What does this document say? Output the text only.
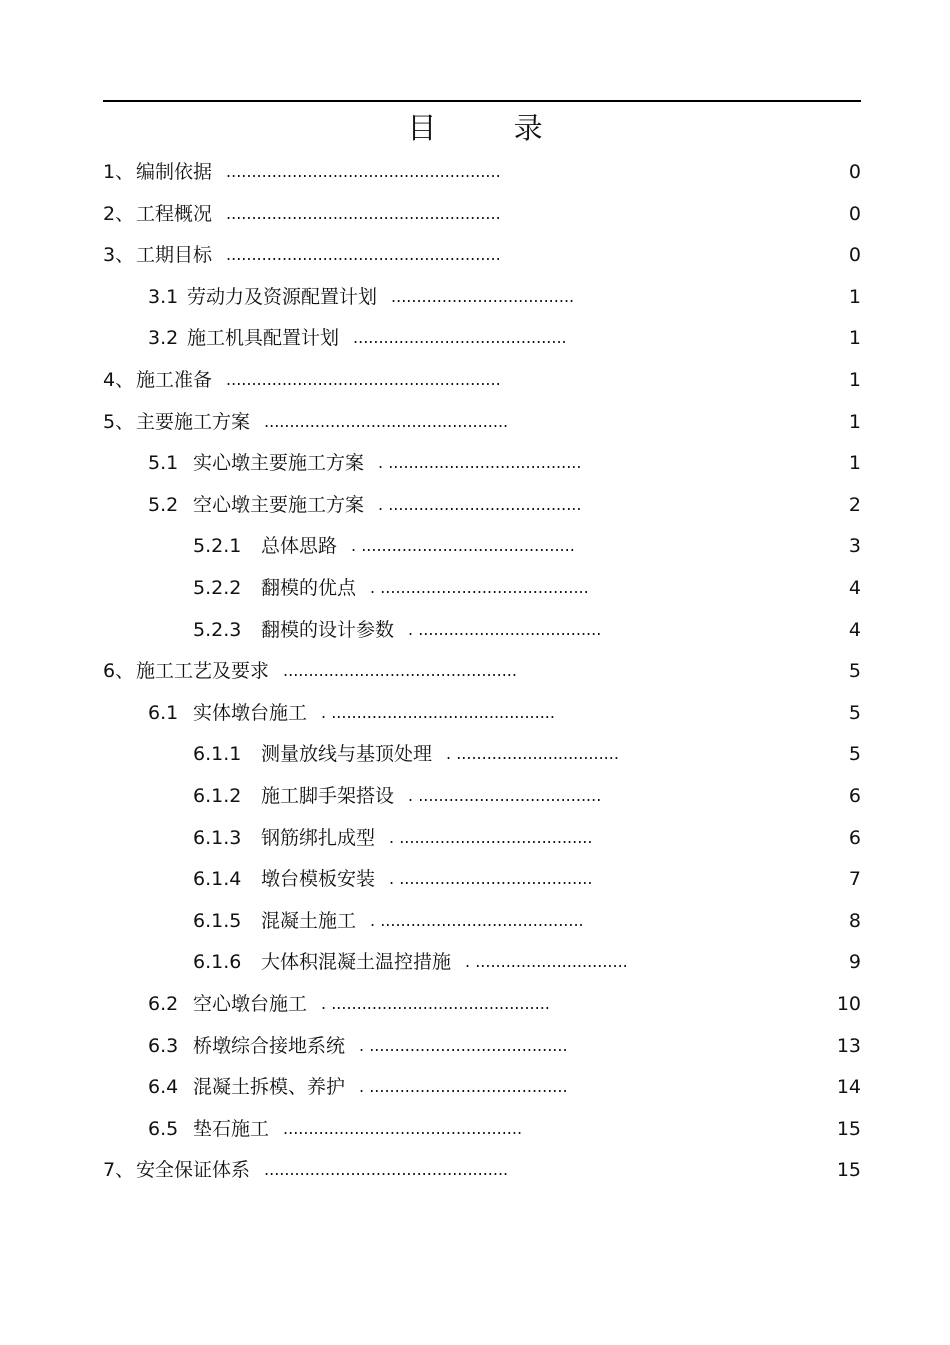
目 录
1、 编制依据 ......................................................	0
2、 工程概况 ......................................................	0
3、 工期目标 ......................................................	0
3.1 劳动力及资源配置计划 ....................................	1
3.2 施工机具配置计划 ..........................................	1
4、 施工准备 ......................................................	1
5、 主要施工方案 ................................................	1
5.1 实心墩主要施工方案 . ......................................	1
5.2 空心墩主要施工方案 . ......................................	2
5.2.1 总体思路 . ..........................................	3
5.2.2 翻模的优点 . .........................................	4
5.2.3 翻模的设计参数 . ....................................	4
6、 施工工艺及要求 ..............................................	5
6.1 实体墩台施工 . ............................................	5
6.1.1 测量放线与基顶处理 . ................................	5
6.1.2 施工脚手架搭设 . ....................................	6
6.1.3 钢筋绑扎成型 . ......................................	6
6.1.4 墩台模板安装 . ......................................	7
6.1.5 混凝土施工 . ........................................	8
6.1.6 大体积混凝土温控措施 . ..............................	9
6.2 空心墩台施工 . ...........................................	10
6.3 桥墩综合接地系统 . .......................................	13
6.4 混凝土拆模、养护 . .......................................	14
6.5 垫石施工 ...............................................	15
7、 安全保证体系 ................................................	15
